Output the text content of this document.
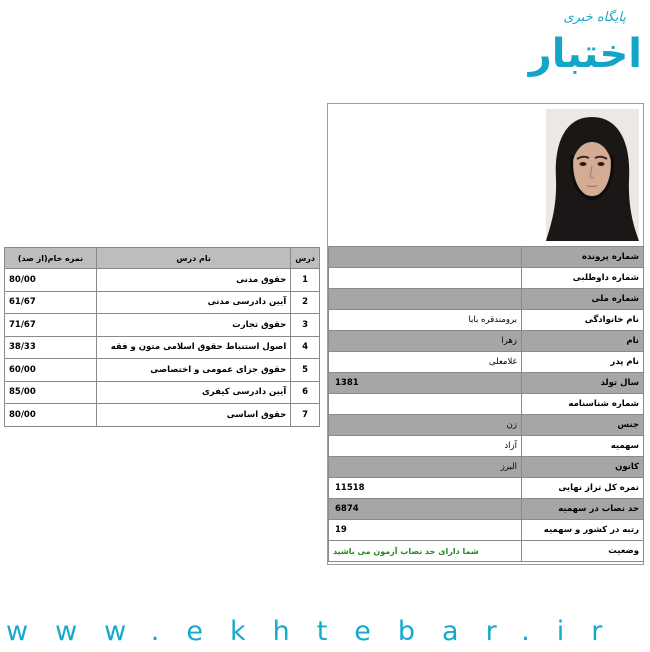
پایگاه خبری
اختبار
شماره پرونده	
شماره داوطلبی	
شماره ملی	
نام خانوادگی	برومندقره بابا
نام	زهرا
نام پدر	غلامعلی
سال تولد	1381
شماره شناسنامه	
جنس	زن
سهمیه	آزاد
کانون	البرز
نمره کل تراز نهایی	11518
حد نصاب در سهمیه	6874
رتبه در کشور و سهمیه	19
وضعیت	شما دارای حد نصاب آزمون می باشید
درس	نام درس	نمره خام(از صد)
1	حقوق مدنی	80/00
2	آیین دادرسی مدنی	61/67
3	حقوق تجارت	71/67
4	اصول استنباط حقوق اسلامی متون و فقه	38/33
5	حقوق جزای عمومی و اختصاصی	60/00
6	آیین دادرسی کیفری	85/00
7	حقوق اساسی	80/00
www.ekhtebar.ir
